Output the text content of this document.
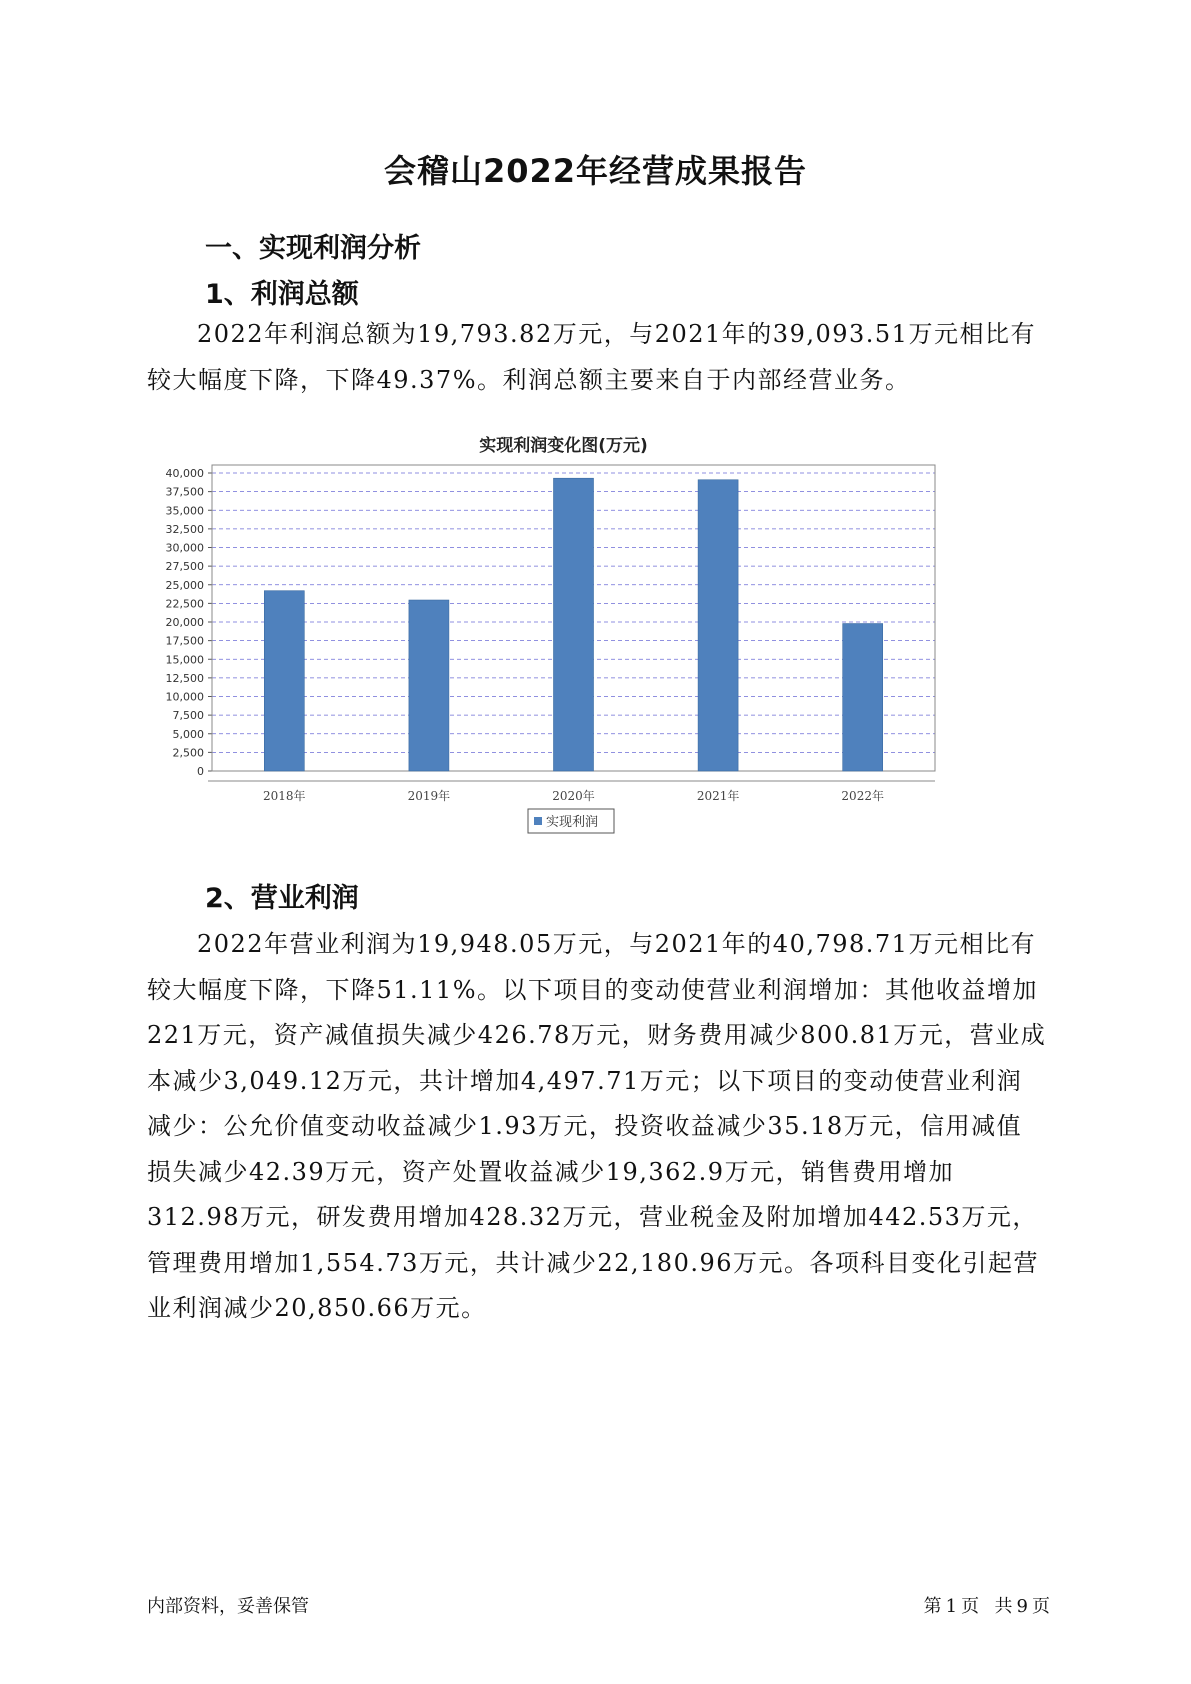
会稽山2022年经营成果报告
一、实现利润分析
1、利润总额

2022年利润总额为19,793.82万元，与2021年的39,093.51万元相比有较大幅度下降，下降49.37%。利润总额主要来自于内部经营业务。

实现利润变化图(万元)
0
2,500
5,000
7,500
10,000
12,500
15,000
17,500
20,000
22,500
25,000
27,500
30,000
32,500
35,000
37,500
40,000
2018年	2019年	2020年	2021年	2022年
实现利润
2、营业利润

2022年营业利润为19,948.05万元，与2021年的40,798.71万元相比有较大幅度下降，下降51.11%。以下项目的变动使营业利润增加：其他收益增加221万元，资产减值损失减少426.78万元，财务费用减少800.81万元，营业成本减少3,049.12万元，共计增加4,497.71万元；以下项目的变动使营业利润减少：公允价值变动收益减少1.93万元，投资收益减少35.18万元，信用减值损失减少42.39万元，资产处置收益减少19,362.9万元，销售费用增加312.98万元，研发费用增加428.32万元，营业税金及附加增加442.53万元，管理费用增加1,554.73万元，共计减少22,180.96万元。各项科目变化引起营业利润减少20,850.66万元。

内部资料，妥善保管	第 1 页 共 9 页
